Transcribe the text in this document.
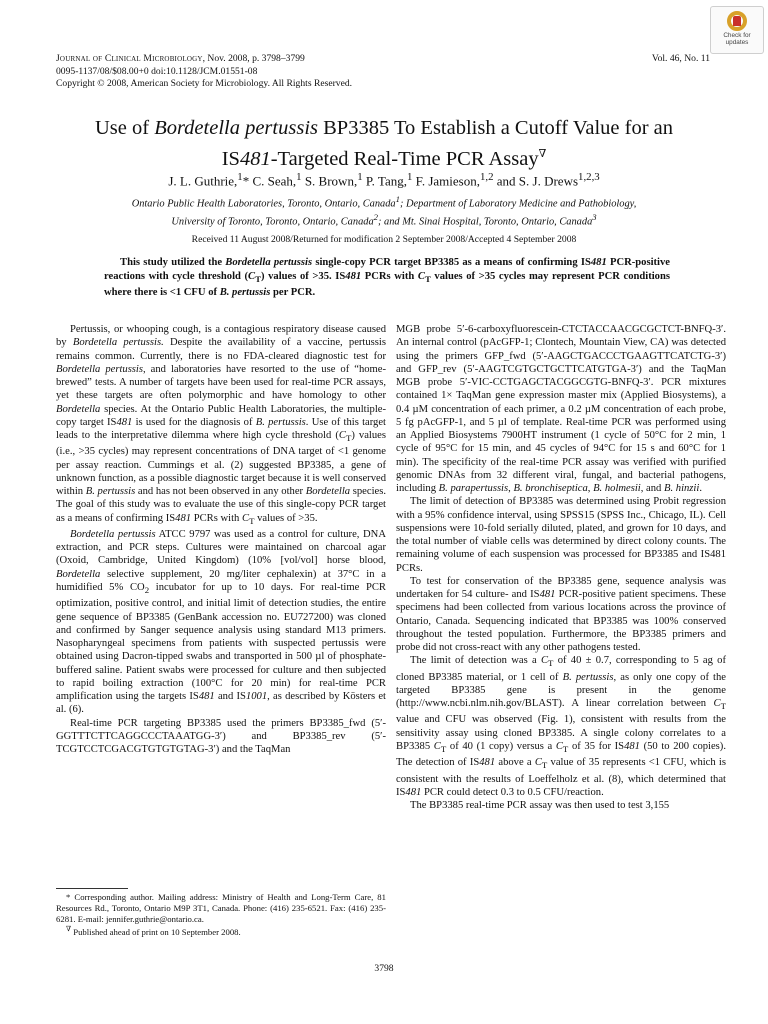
Journal of Clinical Microbiology, Nov. 2008, p. 3798–3799
0095-1137/08/$08.00+0 doi:10.1128/JCM.01551-08
Copyright © 2008, American Society for Microbiology. All Rights Reserved.
Vol. 46, No. 11
Check for
updates
Use of Bordetella pertussis BP3385 To Establish a Cutoff Value for an
IS481-Targeted Real-Time PCR Assay∇
J. L. Guthrie,$^1$* C. Seah,$^1$ S. Brown,$^1$ P. Tang,$^1$ F. Jamieson,$^{1,2}$ and S. J. Drews$^{1,2,3}$
Ontario Public Health Laboratories, Toronto, Ontario, Canada$^1$; Department of Laboratory Medicine and Pathobiology,
University of Toronto, Toronto, Ontario, Canada$^2$; and Mt. Sinai Hospital, Toronto, Ontario, Canada$^3$
Received 11 August 2008/Returned for modification 2 September 2008/Accepted 4 September 2008
This study utilized the Bordetella pertussis single-copy PCR target BP3385 as a means of confirming IS481 PCR-positive reactions with cycle threshold $(C_T)$ values of >35. IS481 PCRs with $C_T$ values of >35 cycles may represent PCR conditions where there is <1 CFU of B. pertussis per PCR.

Pertussis, or whooping cough, is a contagious respiratory disease caused by Bordetella pertussis. Despite the availability of a vaccine, pertussis remains common. Currently, there is no FDA-cleared diagnostic test for Bordetella pertussis, and laboratories have resorted to the use of “home-brewed” tests. A number of targets have been used for real-time PCR assays, yet these targets are often polymorphic and have homology to other Bordetella species. At the Ontario Public Health Laboratories, the multiple-copy target IS481 is used for the diagnosis of B. pertussis. Use of this target leads to the interpretative dilemma where high cycle threshold $(C_T)$ values (i.e., >35 cycles) may represent concentrations of DNA target of <1 genome per assay reaction. Cummings et al. (2) suggested BP3385, a gene of unknown function, as a possible diagnostic target because it is well conserved within B. pertussis and has not been observed in any other Bordetella species. The goal of this study was to evaluate the use of this single-copy PCR target as a means of confirming IS481 PCRs with $C_T$ values of >35.

Bordetella pertussis ATCC 9797 was used as a control for culture, DNA extraction, and PCR steps. Cultures were maintained on charcoal agar (Oxoid, Cambridge, United Kingdom) (10% [vol/vol] horse blood, Bordetella selective supplement, 20 mg/liter cephalexin) at 37°C in a humidified 5% $CO_2$ incubator for up to 10 days. For real-time PCR optimization, positive control, and initial limit of detection studies, the entire gene sequence of BP3385 (GenBank accession no. EU727200) was cloned and confirmed by Sanger sequence analysis using standard M13 primers. Nasopharyngeal specimens from patients with suspected pertussis were obtained using Dacron-tipped swabs and transported in 500 µl of phosphate-buffered saline. Patient swabs were processed for culture and then subjected to rapid boiling extraction (100°C for 20 min) for real-time PCR amplification using the targets IS481 and IS1001, as described by Kösters et al. (6).

Real-time PCR targeting BP3385 used the primers BP3385_fwd (5′-GGTTTCTTCAGGCCCTAAATGG-3′) and BP3385_rev (5′-TCGTCCTCGACGTGTGTGTAG-3′) and the TaqMan

MGB probe 5′-6-carboxyfluorescein-CTCTACCAACGCGCTCT-BNFQ-3′. An internal control (pAcGFP-1; Clontech, Mountain View, CA) was detected using the primers GFP_fwd (5′-AAGCTGACCCTGAAGTTCATCTG-3′) and GFP_rev (5′-AAGTCGTGCTGCTTCATGTGA-3′) and the TaqMan MGB probe 5′-VIC-CCTGAGCTACGGCGTG-BNFQ-3′. PCR mixtures contained 1× TaqMan gene expression master mix (Applied Biosystems), a 0.4 µM concentration of each primer, a 0.2 µM concentration of each probe, 5 fg pAcGFP-1, and 5 µl of template. Real-time PCR was performed using an Applied Biosystems 7900HT instrument (1 cycle of 50°C for 2 min, 1 cycle of 95°C for 15 min, and 45 cycles of 94°C for 15 s and 60°C for 1 min). The specificity of the real-time PCR assay was verified with purified genomic DNAs from 32 different viral, fungal, and bacterial pathogens, including B. parapertussis, B. bronchiseptica, B. holmesii, and B. hinzii.

The limit of detection of BP3385 was determined using Probit regression with a 95% confidence interval, using SPSS15 (SPSS Inc., Chicago, IL). Cell suspensions were 10-fold serially diluted, plated, and grown for 10 days, and the total number of viable cells was determined by direct colony counts. The remaining volume of each suspension was processed for BP3385 and IS481 PCRs.

To test for conservation of the BP3385 gene, sequence analysis was undertaken for 54 culture- and IS481 PCR-positive patient specimens. These specimens had been collected from various locations across the province of Ontario, Canada. Sequencing indicated that BP3385 was 100% conserved throughout the tested population. Furthermore, the BP3385 primers and probe did not cross-react with any other pathogens tested.

The limit of detection was a $C_T$ of 40 ± 0.7, corresponding to 5 ag of cloned BP3385 material, or 1 cell of B. pertussis, as only one copy of the targeted BP3385 gene is present in the genome (http://www.ncbi.nlm.nih.gov/BLAST). A linear correlation between $C_T$ value and CFU was observed (Fig. 1), consistent with results from the sensitivity assay using cloned BP3385. A single colony correlates to a BP3385 $C_T$ of 40 (1 copy) versus a $C_T$ of 35 for IS481 (50 to 200 copies). The detection of IS481 above a $C_T$ value of 35 represents <1 CFU, which is consistent with the results of Loeffelholz et al. (8), which determined that IS481 PCR could detect 0.3 to 0.5 CFU/reaction.

The BP3385 real-time PCR assay was then used to test 3,155

* Corresponding author. Mailing address: Ministry of Health and Long-Term Care, 81 Resources Rd., Toronto, Ontario M9P 3T1, Canada. Phone: (416) 235-6521. Fax: (416) 235-6281. E-mail: jennifer.guthrie@ontario.ca.

∇ Published ahead of print on 10 September 2008.

3798
